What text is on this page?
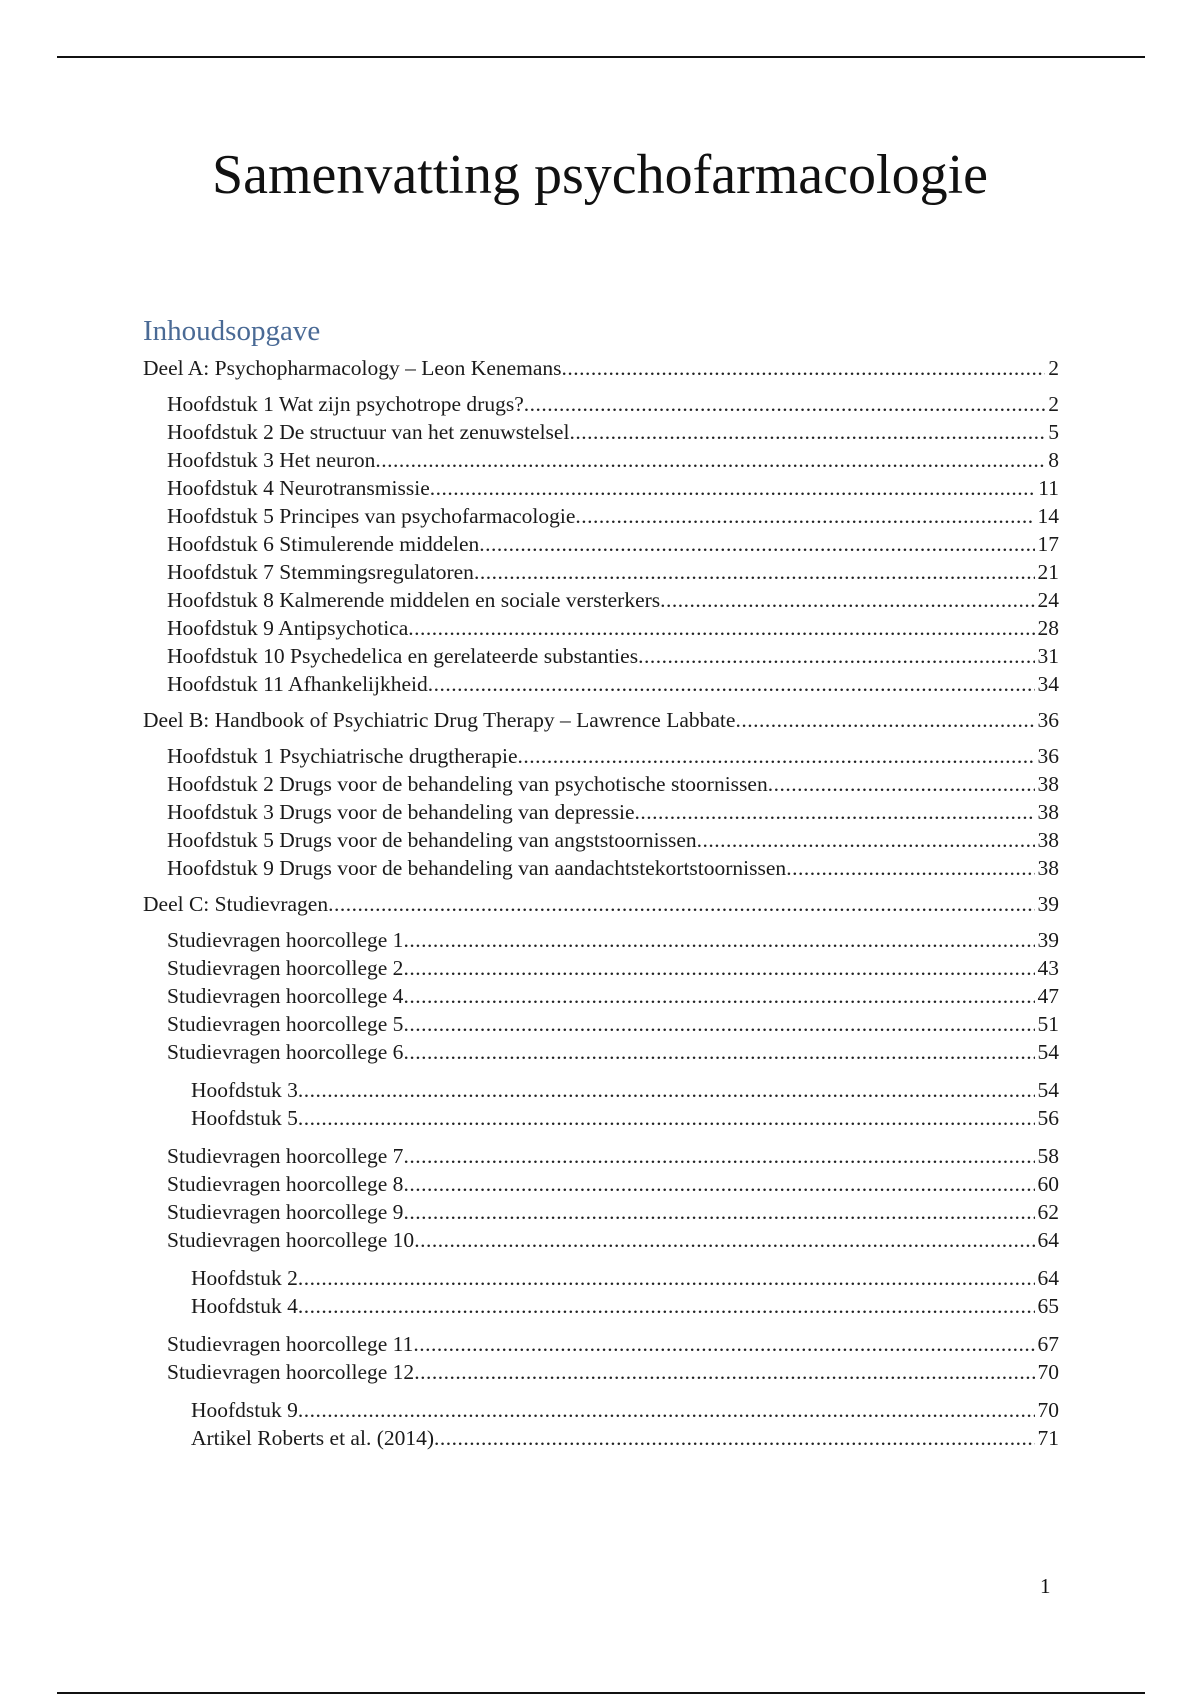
Samenvatting psychofarmacologie
Inhoudsopgave
Deel A: Psychopharmacology – Leon Kenemans .....	2
Hoofdstuk 1 Wat zijn psychotrope drugs? .....	2
Hoofdstuk 2 De structuur van het zenuwstelsel .....	5
Hoofdstuk 3 Het neuron .....	8
Hoofdstuk 4 Neurotransmissie .....	11
Hoofdstuk 5 Principes van psychofarmacologie .....	14
Hoofdstuk 6 Stimulerende middelen .....	17
Hoofdstuk 7 Stemmingsregulatoren .....	21
Hoofdstuk 8 Kalmerende middelen en sociale versterkers .....	24
Hoofdstuk 9 Antipsychotica .....	28
Hoofdstuk 10 Psychedelica en gerelateerde substanties .....	31
Hoofdstuk 11 Afhankelijkheid .....	34
Deel B: Handbook of Psychiatric Drug Therapy – Lawrence Labbate .....	36
Hoofdstuk 1 Psychiatrische drugtherapie .....	36
Hoofdstuk 2 Drugs voor de behandeling van psychotische stoornissen .....	38
Hoofdstuk 3 Drugs voor de behandeling van depressie .....	38
Hoofdstuk 5 Drugs voor de behandeling van angststoornissen .....	38
Hoofdstuk 9 Drugs voor de behandeling van aandachtstekortstoornissen .....	38
Deel C: Studievragen .....	39
Studievragen hoorcollege 1 .....	39
Studievragen hoorcollege 2 .....	43
Studievragen hoorcollege 4 .....	47
Studievragen hoorcollege 5 .....	51
Studievragen hoorcollege 6 .....	54
Hoofdstuk 3 .....	54
Hoofdstuk 5 .....	56
Studievragen hoorcollege 7 .....	58
Studievragen hoorcollege 8 .....	60
Studievragen hoorcollege 9 .....	62
Studievragen hoorcollege 10 .....	64
Hoofdstuk 2 .....	64
Hoofdstuk 4 .....	65
Studievragen hoorcollege 11 .....	67
Studievragen hoorcollege 12 .....	70
Hoofdstuk 9 .....	70
Artikel Roberts et al. (2014) .....	71
1
